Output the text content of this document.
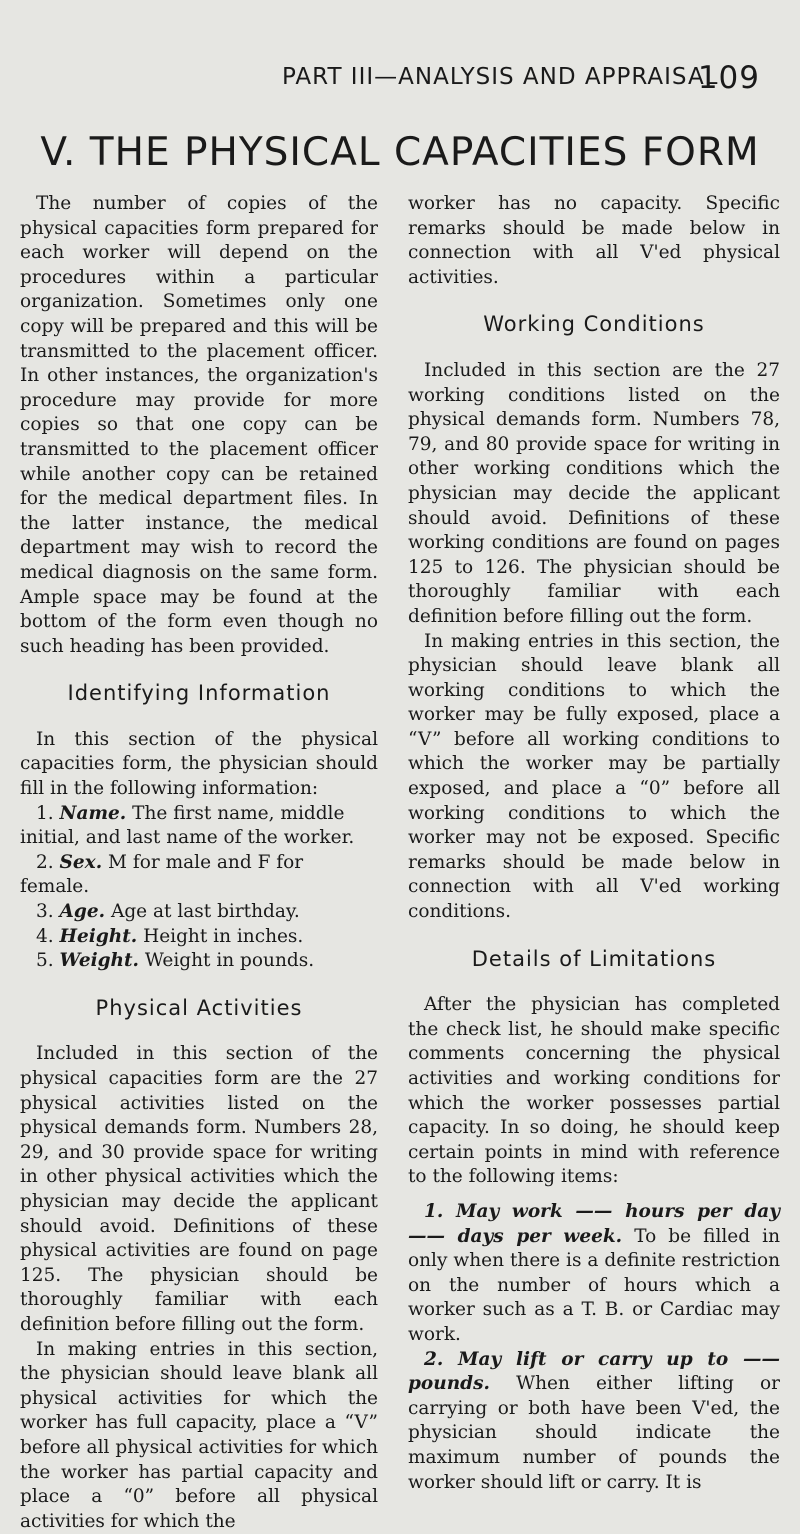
PART III—ANALYSIS AND APPRAISAL
109
V. THE PHYSICAL CAPACITIES FORM

The number of copies of the physical capacities form prepared for each worker will depend on the procedures within a particular organization. Sometimes only one copy will be prepared and this will be transmitted to the placement officer. In other instances, the organization's procedure may provide for more copies so that one copy can be transmitted to the placement officer while another copy can be retained for the medical department files. In the latter instance, the medical department may wish to record the medical diagnosis on the same form. Ample space may be found at the bottom of the form even though no such heading has been provided.

Identifying Information

In this section of the physical capacities form, the physician should fill in the following information:

1. Name. The first name, middle initial, and last name of the worker.
2. Sex. M for male and F for female.
3. Age. Age at last birthday.
4. Height. Height in inches.
5. Weight. Weight in pounds.
Physical Activities

Included in this section of the physical capacities form are the 27 physical activities listed on the physical demands form. Numbers 28, 29, and 30 provide space for writing in other physical activities which the physician may decide the applicant should avoid. Definitions of these physical activities are found on page 125. The physician should be thoroughly familiar with each definition before filling out the form.

In making entries in this section, the physician should leave blank all physical activities for which the worker has full capacity, place a “V” before all physical activities for which the worker has partial capacity and place a “0” before all physical activities for which the

worker has no capacity. Specific remarks should be made below in connection with all V'ed physical activities.

Working Conditions

Included in this section are the 27 working conditions listed on the physical demands form. Numbers 78, 79, and 80 provide space for writing in other working conditions which the physician may decide the applicant should avoid. Definitions of these working conditions are found on pages 125 to 126. The physician should be thoroughly familiar with each definition before filling out the form.

In making entries in this section, the physician should leave blank all working conditions to which the worker may be fully exposed, place a “V” before all working conditions to which the worker may be partially exposed, and place a “0” before all working conditions to which the worker may not be exposed. Specific remarks should be made below in connection with all V'ed working conditions.

Details of Limitations

After the physician has completed the check list, he should make specific comments concerning the physical activities and working conditions for which the worker possesses partial capacity. In so doing, he should keep certain points in mind with reference to the following items:

1. May work —— hours per day —— days per week. To be filled in only when there is a definite restriction on the number of hours which a worker such as a T. B. or Cardiac may work.

2. May lift or carry up to —— pounds. When either lifting or carrying or both have been V'ed, the physician should indicate the maximum number of pounds the worker should lift or carry. It is
